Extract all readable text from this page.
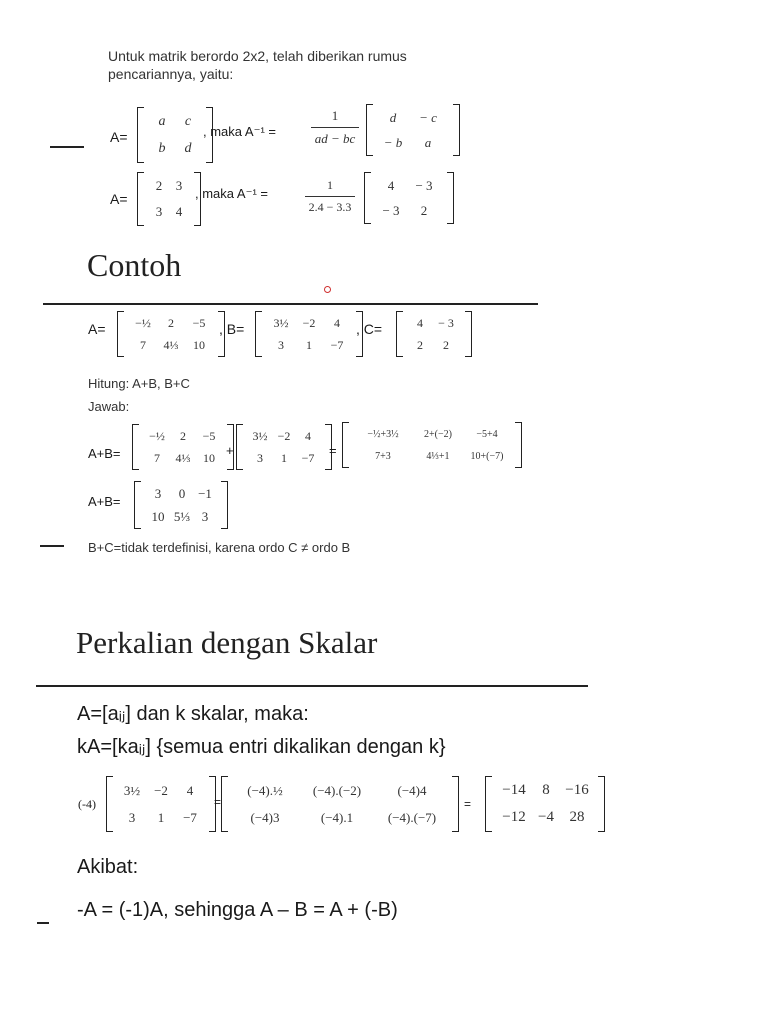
Untuk matrik berordo 2x2, telah diberikan rumus
pencariannya, yaitu:
A=
a	c
b	d
, maka $A^{-1} = \frac{1}{ad - bc}$	d	− c
− b	a
A=
2	3
3	4
, maka $A^{-1} = \frac{1}{2.4 - 3.3}$	4	− 3
− 3	2
Contoh
A=	−½	2	−5
7	4⅓	10
, B=	3½	−2	4
3	1	−7
, C=	4	− 3
2	2
Hitung: A+B, B+C
Jawab:
A+B=
−½	2	−5
7	4⅓	10 +
3½ −2	4
3	1	−7	=
−½+3½	2+(−2)	−5+4
7+3	4⅓+1	10+(−7)
A+B=
3	0 −1
10 5⅓ 3
B+C=tidak terdefinisi, karena ordo C ≠ ordo B
Perkalian dengan Skalar
A=[aᵢⱼ] dan k skalar, maka:
kA=[kaᵢⱼ] {semua entri dikalikan dengan k}
(-4)
3½	−2	4
3	1	−7
=
(−4).½	(−4).(−2)	(−4)4
(−4)3	(−4).1	(−4).(−7)
=
−14	8	−16
−12 −4	28
Akibat:
-A = (-1)A, sehingga A – B = A + (-B)
